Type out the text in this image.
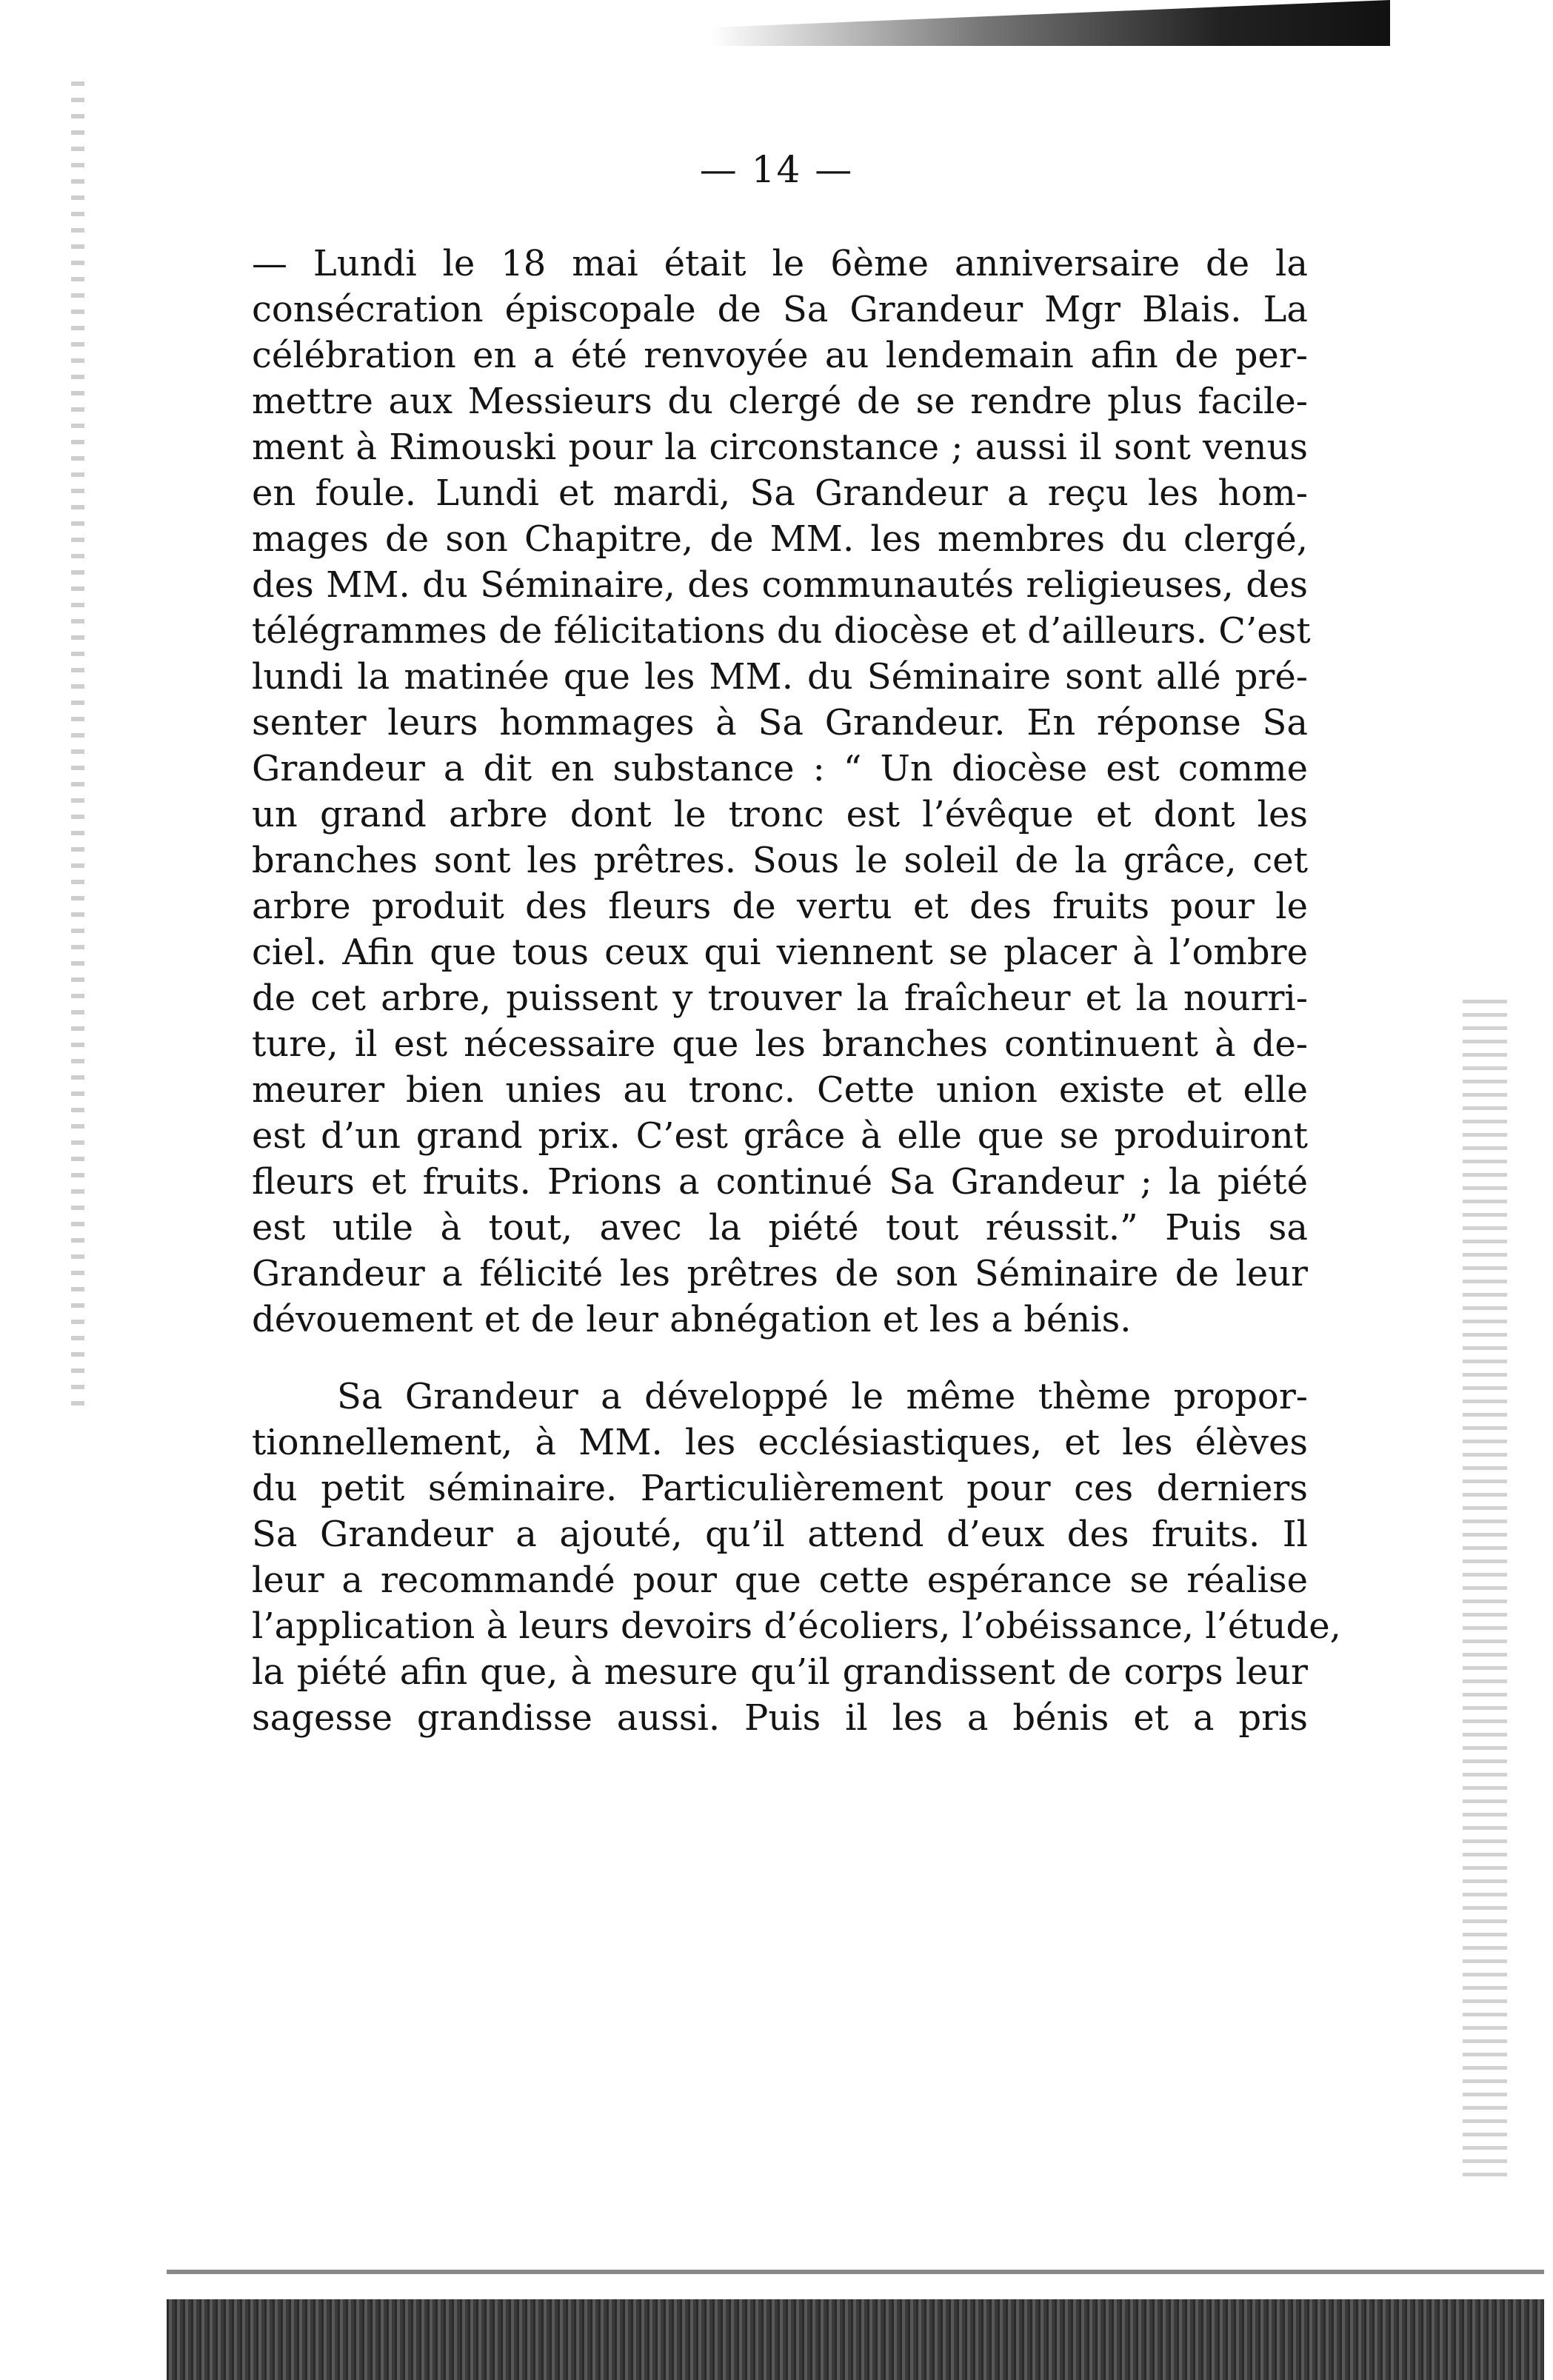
— 14 —
— Lundi le 18 mai était le 6ème anniversaire de la
consécration épiscopale de Sa Grandeur Mgr Blais. La
célébration en a été renvoyée au lendemain afin de per-
mettre aux Messieurs du clergé de se rendre plus facile-
ment à Rimouski pour la circonstance ; aussi il sont venus
en foule. Lundi et mardi, Sa Grandeur a reçu les hom-
mages de son Chapitre, de MM. les membres du clergé,
des MM. du Séminaire, des communautés religieuses, des
télégrammes de félicitations du diocèse et d’ailleurs. C’est
lundi la matinée que les MM. du Séminaire sont allé pré-
senter leurs hommages à Sa Grandeur. En réponse Sa
Grandeur a dit en substance : “ Un diocèse est comme
un grand arbre dont le tronc est l’évêque et dont les
branches sont les prêtres. Sous le soleil de la grâce, cet
arbre produit des fleurs de vertu et des fruits pour le
ciel. Afin que tous ceux qui viennent se placer à l’ombre
de cet arbre, puissent y trouver la fraîcheur et la nourri-
ture, il est nécessaire que les branches continuent à de-
meurer bien unies au tronc. Cette union existe et elle
est d’un grand prix. C’est grâce à elle que se produiront
fleurs et fruits. Prions a continué Sa Grandeur ; la piété
est utile à tout, avec la piété tout réussit.” Puis sa
Grandeur a félicité les prêtres de son Séminaire de leur
dévouement et de leur abnégation et les a bénis.
Sa Grandeur a développé le même thème propor-
tionnellement, à MM. les ecclésiastiques, et les élèves
du petit séminaire. Particulièrement pour ces derniers
Sa Grandeur a ajouté, qu’il attend d’eux des fruits. Il
leur a recommandé pour que cette espérance se réalise
l’application à leurs devoirs d’écoliers, l’obéissance, l’étude,
la piété afin que, à mesure qu’il grandissent de corps leur
sagesse grandisse aussi. Puis il les a bénis et a pris
